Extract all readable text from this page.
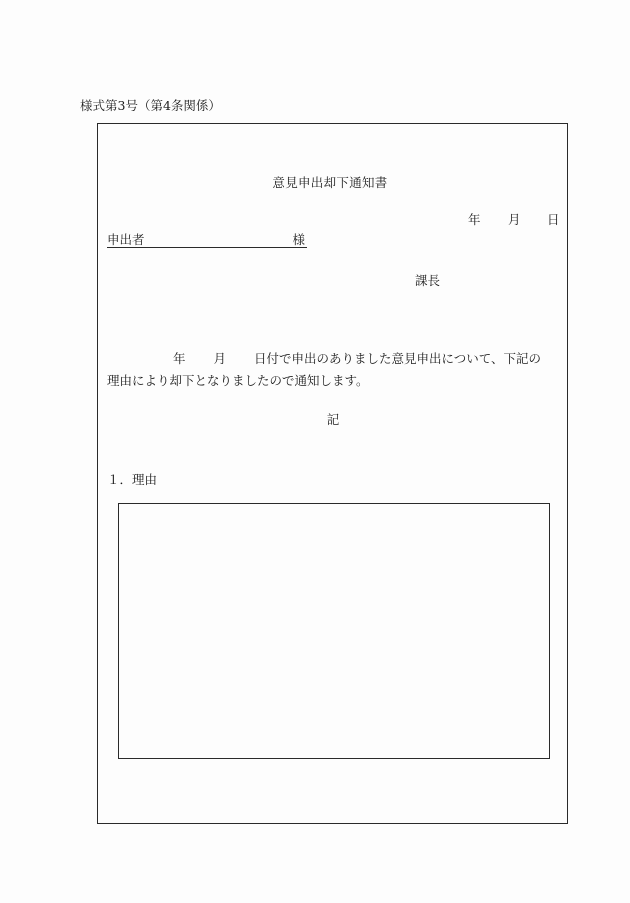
様式第3号（第4条関係）
意見申出却下通知書
年 月 日
申出者	様
課長
年 月 日付で申出のありました意見申出について、下記の
理由により却下となりましたので通知します。
記
１．理由
